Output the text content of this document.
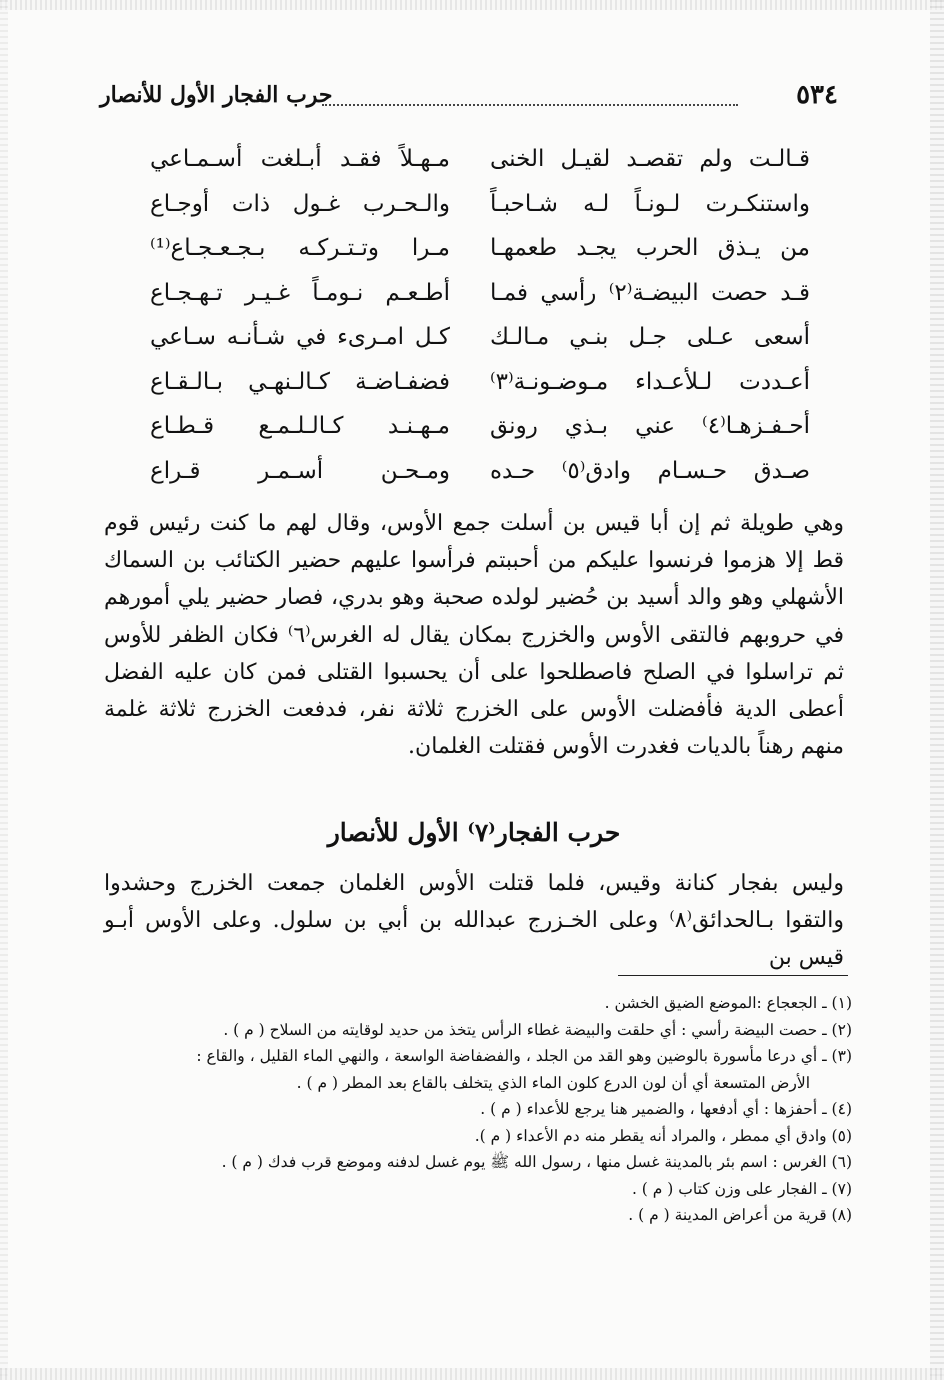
٥٣٤
حرب الفجار الأول للأنصار
قـالـت ولم تقصـد لقيـل الخنى
مـهـلاً فقـد أبـلغت أسـمـاعي
واستنكـرت لـونـاً لـه شـاحبـاً
والـحـرب غـول ذات أوجـاع
من يـذق الحرب يجـد طعمهـا
مـرا وتـتـركـه بـجـعـجـاع⁽¹⁾
قـد حصت البيضـة⁽٢⁾ رأسي فمـا
أطـعـم نـومـاً غـيـر تـهـجـاع
أسعى عـلى جـل بنـي مـالـك
كـل امـرىء في شـأنـه سـاعي
أعـددت لـلأعـداء مـوضـونـة⁽٣⁾
فضفـاضـة كـالـنهـي بـالـقـاع
أحـفـزهـا⁽٤⁾ عني بـذي رونق
مـهـنـد كـالـلـمـع قـطـاع
صـدق حـسـام وادق⁽٥⁾ حـده
ومـحـن أسـمـر قـراع

وهي طويلة ثم إن أبا قيس بن أسلت جمع الأوس، وقال لهم ما كنت رئيس قوم قط إلا هزموا فرنسوا عليكم من أحببتم فرأسوا عليهم حضير الكتائب بن السماك الأشهلي وهو والد أسيد بن حُضير لولده صحبة وهو بدري، فصار حضير يلي أمورهم في حروبهم فالتقى الأوس والخزرج بمكان يقال له الغرس⁽٦⁾ فكان الظفر للأوس ثم تراسلوا في الصلح فاصطلحوا على أن يحسبوا القتلى فمن كان عليه الفضل أعطى الدية فأفضلت الأوس على الخزرج ثلاثة نفر، فدفعت الخزرج ثلاثة غلمة منهم رهناً بالديات فغدرت الأوس فقتلت الغلمان.

حرب الفجار⁽٧⁾ الأول للأنصار

وليس بفجار كنانة وقيس، فلما قتلت الأوس الغلمان جمعت الخزرج وحشدوا والتقوا بـالحدائق⁽٨⁾ وعلى الخـزرج عبدالله بن أبي بن سلول. وعلى الأوس أبـو قيس بن

(١) ـ الجعجاع :الموضع الضيق الخشن .

(٢) ـ حصت البيضة رأسي : أي حلقت والبيضة غطاء الرأس يتخذ من حديد لوقايته من السلاح ( م ) .

(٣) ـ أي درعا مأسورة بالوضين وهو القد من الجلد ، والفضفاضة الواسعة ، والنهي الماء القليل ، والقاع :

الأرض المتسعة أي أن لون الدرع كلون الماء الذي يتخلف بالقاع بعد المطر ( م ) .

(٤) ـ أحفزها : أي أدفعها ، والضمير هنا يرجع للأعداء ( م ) .

(٥) وادق أي ممطر ، والمراد أنه يقطر منه دم الأعداء ( م ).

(٦) الغرس : اسم بئر بالمدينة غسل منها ، رسول الله ﷺ يوم غسل لدفنه وموضع قرب فدك ( م ) .

(٧) ـ الفجار على وزن كتاب ( م ) .

(٨) قرية من أعراض المدينة ( م ) .
